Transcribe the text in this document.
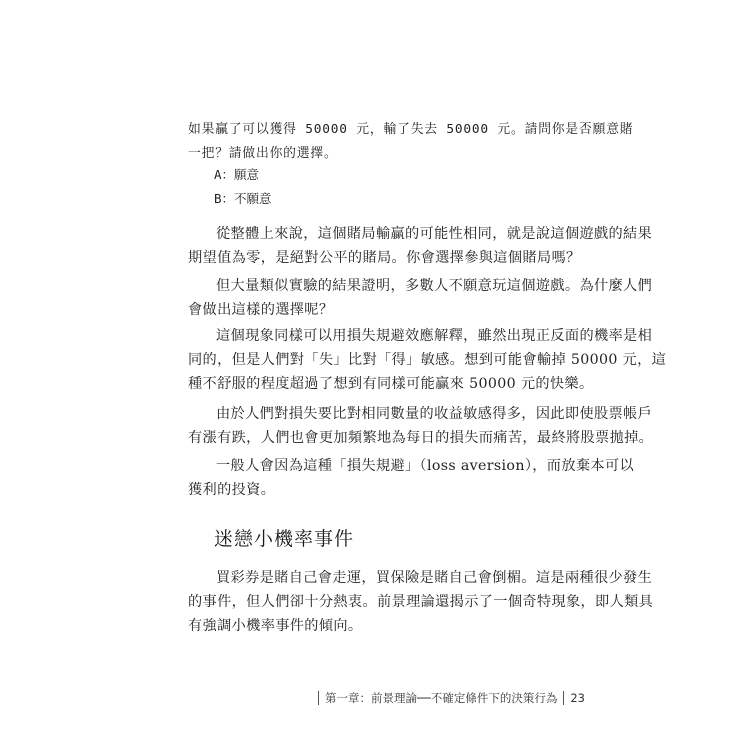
如果贏了可以獲得 50000 元，輸了失去 50000 元。請問你是否願意賭
一把？請做出你的選擇。
A：願意
B：不願意
從整體上來說，這個賭局輸贏的可能性相同，就是說這個遊戲的結果
期望值為零，是絕對公平的賭局。你會選擇參與這個賭局嗎？
但大量類似實驗的結果證明，多數人不願意玩這個遊戲。為什麼人們
會做出這樣的選擇呢？
這個現象同樣可以用損失規避效應解釋，雖然出現正反面的機率是相
同的，但是人們對「失」比對「得」敏感。想到可能會輸掉 50000 元，這
種不舒服的程度超過了想到有同樣可能贏來 50000 元的快樂。
由於人們對損失要比對相同數量的收益敏感得多，因此即使股票帳戶
有漲有跌，人們也會更加頻繁地為每日的損失而痛苦，最終將股票拋掉。
一般人會因為這種「損失規避」（loss aversion），而放棄本可以
獲利的投資。
迷戀小機率事件
買彩券是賭自己會走運，買保險是賭自己會倒楣。這是兩種很少發生
的事件，但人們卻十分熱衷。前景理論還揭示了一個奇特現象，即人類具
有強調小機率事件的傾向。
第一章：前景理論──不確定條件下的決策行為 23
